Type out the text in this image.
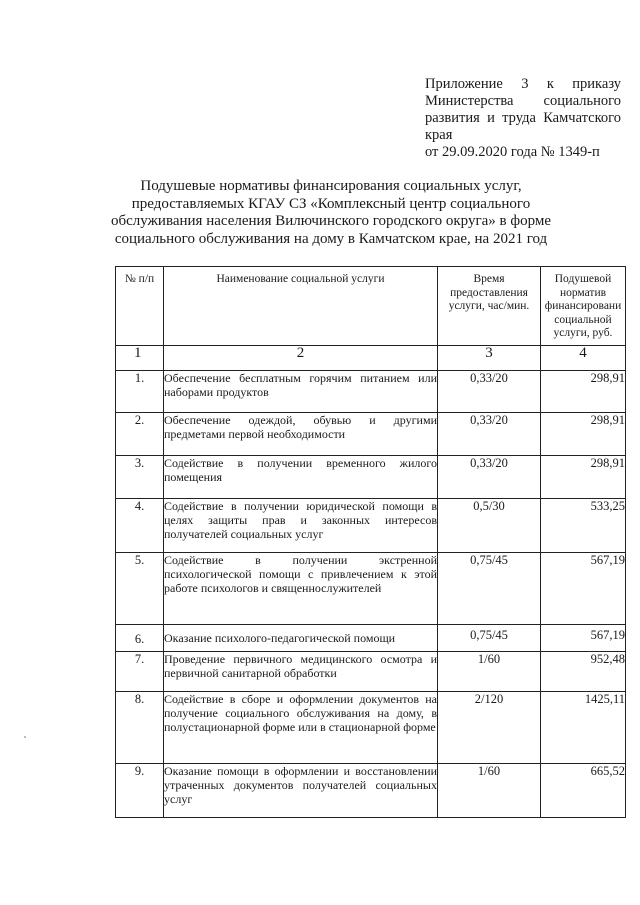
Приложение 3 к приказу
Министерства социального
развития и труда Камчатского
края
от 29.09.2020 года № 1349-п
Подушевые нормативы финансирования социальных услуг, предоставляемых КГАУ СЗ «Комплексный центр социального обслуживания населения Вилючинского городского округа» в форме социального обслуживания на дому в Камчатском крае, на 2021 год
№ п/п	Наименование социальной услуги	Время предоставления услуги, час/мин.	Подушевой норматив финансировани социальной услуги, руб.

1	2	3	4
1.	Обеспечение бесплатным горячим питанием или наборами продуктов	0,33/20	298,91
2.	Обеспечение одеждой, обувью и другими предметами первой необходимости	0,33/20	298,91
3.	Содействие в получении временного жилого помещения	0,33/20	298,91
4.	Содействие в получении юридической помощи в целях защиты прав и законных интересов получателей социальных услуг	0,5/30	533,25
5.	Содействие в получении экстренной психологической помощи с привлечением к этой работе психологов и священнослужителей	0,75/45	567,19
6.	Оказание психолого-педагогической помощи	0,75/45	567,19
7.	Проведение первичного медицинского осмотра и первичной санитарной обработки	1/60	952,48
8.	Содействие в сборе и оформлении документов на получение социального обслуживания на дому, в полустационарной форме или в стационарной форме	2/120	1425,11
9.	Оказание помощи в оформлении и восстановлении утраченных документов получателей социальных услуг	1/60	665,52
